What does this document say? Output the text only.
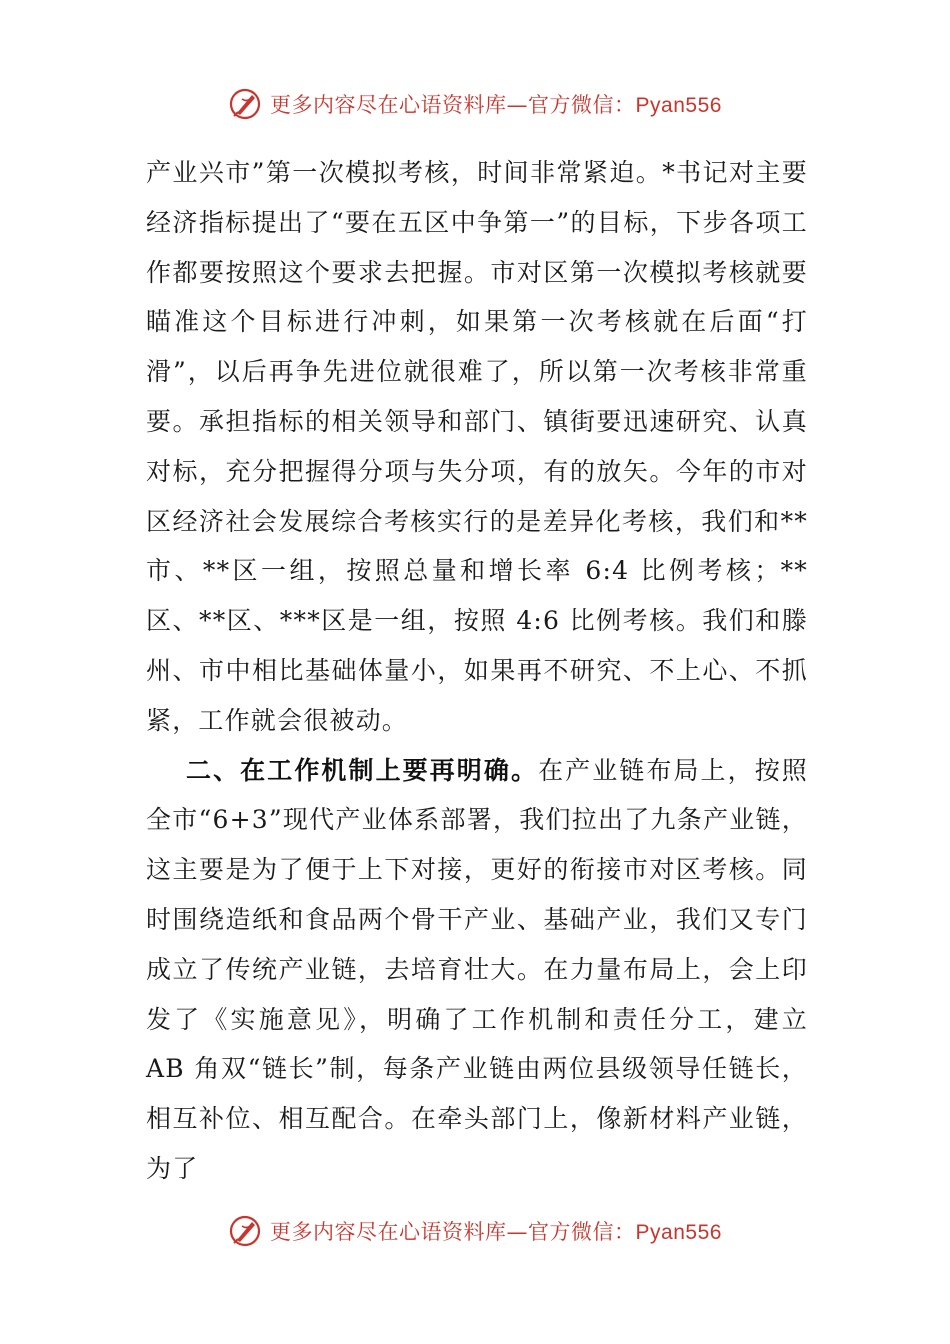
更多内容尽在心语资料库—官方微信：Pyan556

产业兴市”第一次模拟考核，时间非常紧迫。*书记对主要经济指标提出了“要在五区中争第一”的目标，下步各项工作都要按照这个要求去把握。市对区第一次模拟考核就要瞄准这个目标进行冲刺，如果第一次考核就在后面“打滑”，以后再争先进位就很难了，所以第一次考核非常重要。承担指标的相关领导和部门、镇街要迅速研究、认真对标，充分把握得分项与失分项，有的放矢。今年的市对区经济社会发展综合考核实行的是差异化考核，我们和**市、**区一组，按照总量和增长率 6:4 比例考核；**区、**区、***区是一组，按照 4:6 比例考核。我们和滕州、市中相比基础体量小，如果再不研究、不上心、不抓紧，工作就会很被动。

二、在工作机制上要再明确。在产业链布局上，按照全市“6+3”现代产业体系部署，我们拉出了九条产业链，这主要是为了便于上下对接，更好的衔接市对区考核。同时围绕造纸和食品两个骨干产业、基础产业，我们又专门成立了传统产业链，去培育壮大。在力量布局上，会上印发了《实施意见》，明确了工作机制和责任分工，建立 AB 角双“链长”制，每条产业链由两位县级领导任链长，相互补位、相互配合。在牵头部门上，像新材料产业链，为了

更多内容尽在心语资料库—官方微信：Pyan556
